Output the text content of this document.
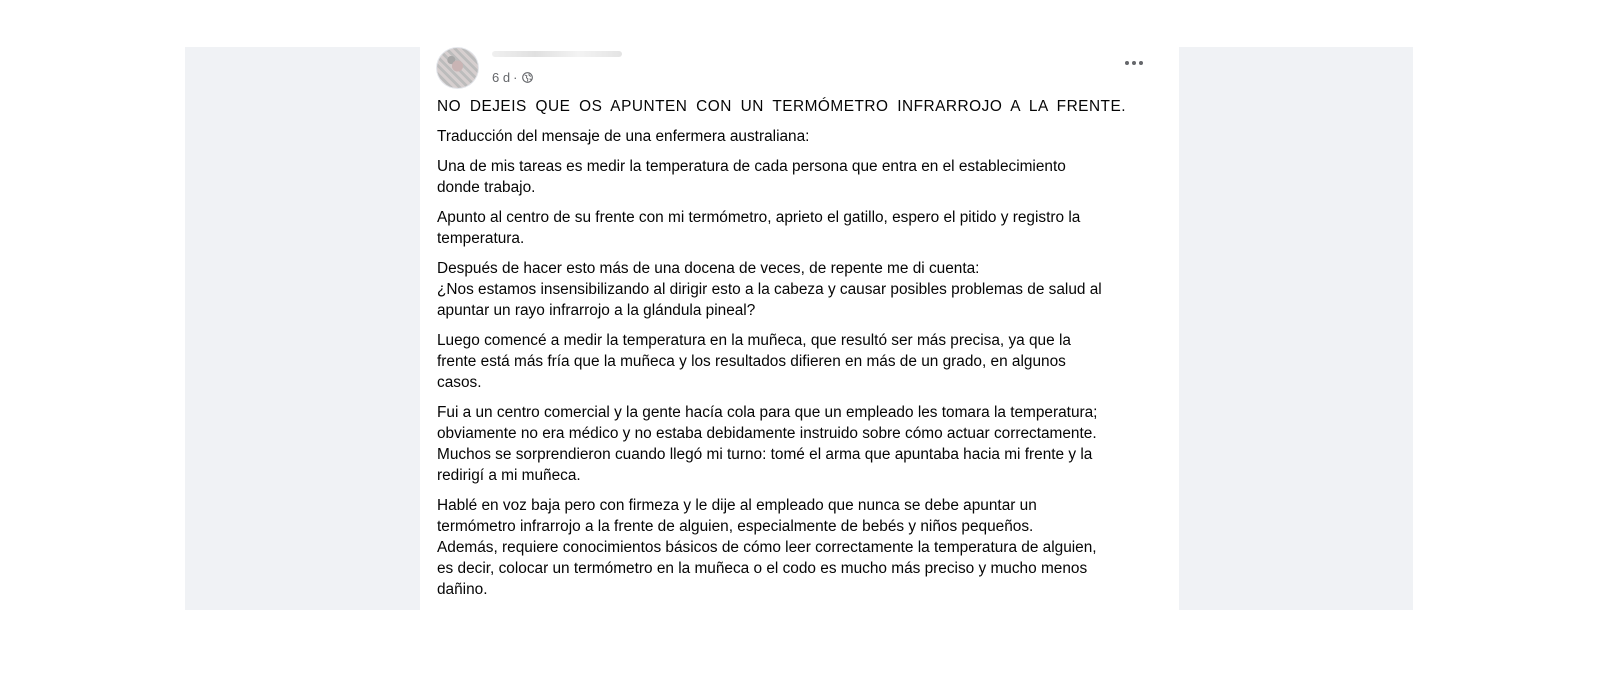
6 d ·

NO DEJEIS QUE OS APUNTEN CON UN TERMÓMETRO INFRARROJO A LA FRENTE.

Traducción del mensaje de una enfermera australiana:

Una de mis tareas es medir la temperatura de cada persona que entra en el establecimiento
donde trabajo.

Apunto al centro de su frente con mi termómetro, aprieto el gatillo, espero el pitido y registro la
temperatura.

Después de hacer esto más de una docena de veces, de repente me di cuenta:
¿Nos estamos insensibilizando al dirigir esto a la cabeza y causar posibles problemas de salud al
apuntar un rayo infrarrojo a la glándula pineal?

Luego comencé a medir la temperatura en la muñeca, que resultó ser más precisa, ya que la
frente está más fría que la muñeca y los resultados difieren en más de un grado, en algunos
casos.

Fui a un centro comercial y la gente hacía cola para que un empleado les tomara la temperatura;
obviamente no era médico y no estaba debidamente instruido sobre cómo actuar correctamente.
Muchos se sorprendieron cuando llegó mi turno: tomé el arma que apuntaba hacia mi frente y la
redirigí a mi muñeca.

Hablé en voz baja pero con firmeza y le dije al empleado que nunca se debe apuntar un
termómetro infrarrojo a la frente de alguien, especialmente de bebés y niños pequeños.
Además, requiere conocimientos básicos de cómo leer correctamente la temperatura de alguien,
es decir, colocar un termómetro en la muñeca o el codo es mucho más preciso y mucho menos
dañino.
